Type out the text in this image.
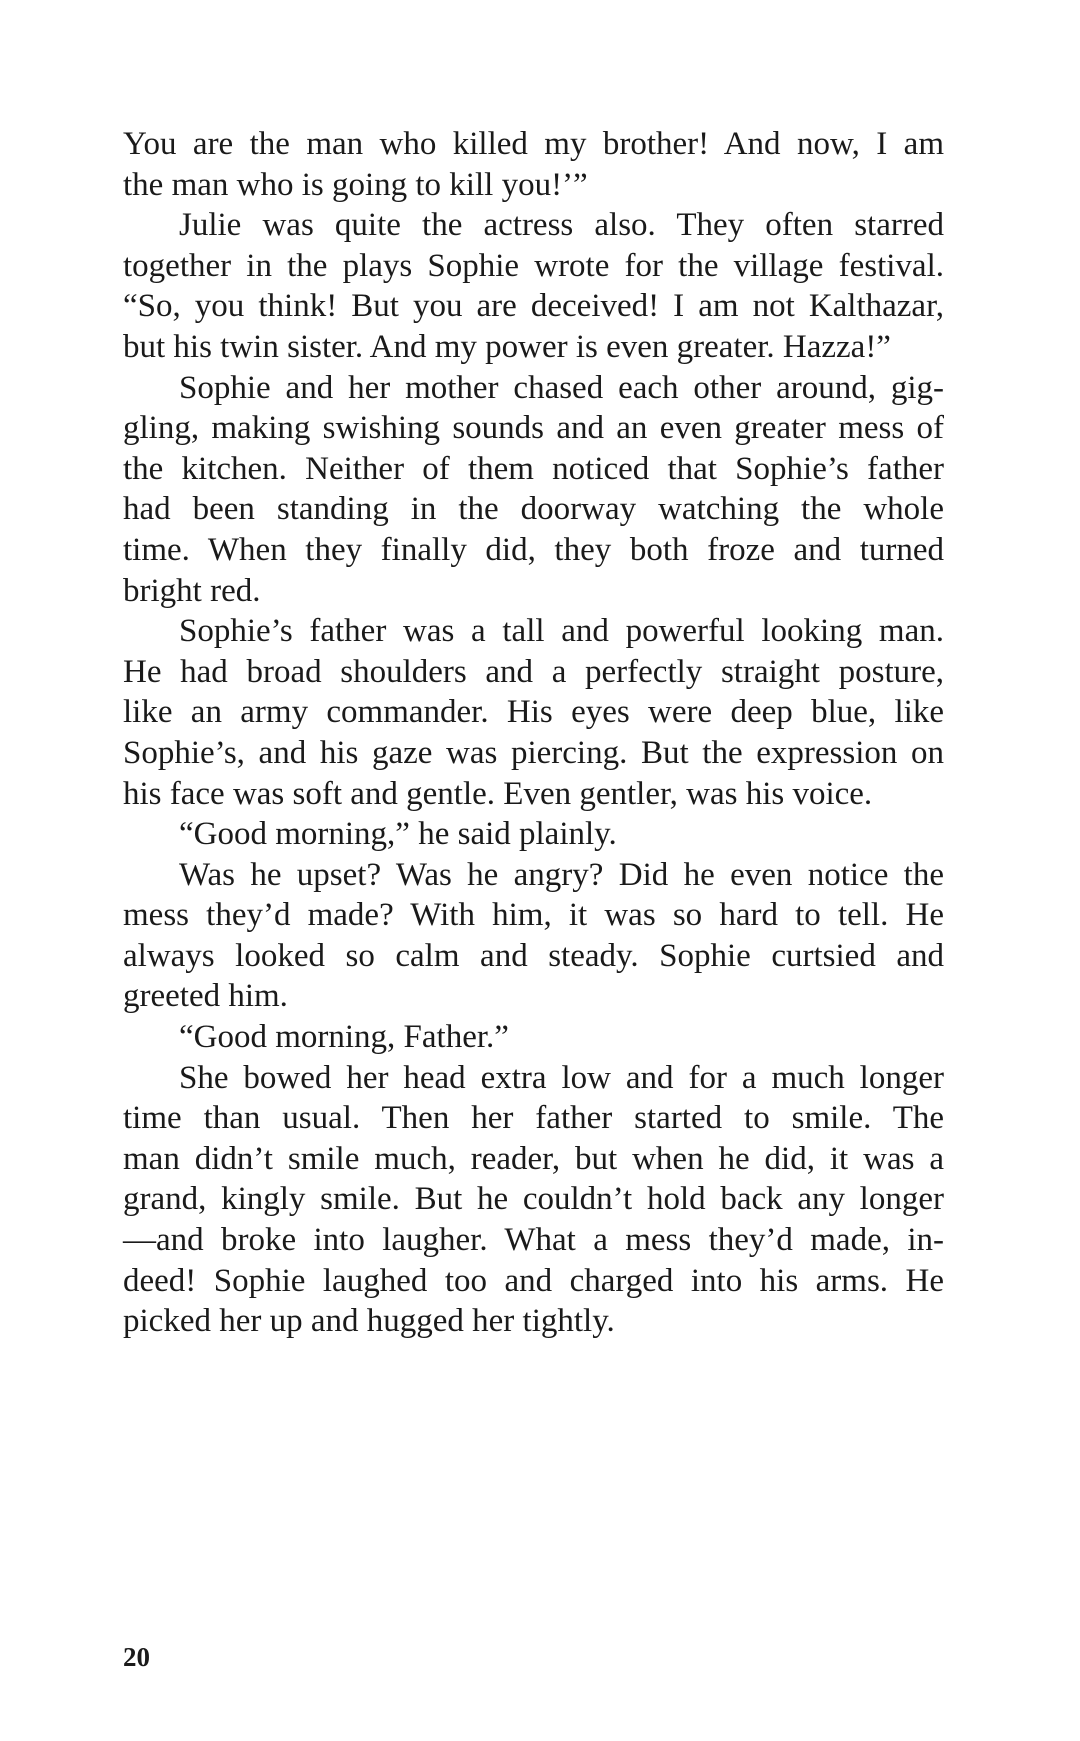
You are the man who killed my brother! And now, I am
the man who is going to kill you!’”
Julie was quite the actress also. They often starred
together in the plays Sophie wrote for the village festival.
“So, you think! But you are deceived! I am not Kalthazar,
but his twin sister. And my power is even greater. Hazza!”
Sophie and her mother chased each other around, gig-
gling, making swishing sounds and an even greater mess of
the kitchen. Neither of them noticed that Sophie’s father
had been standing in the doorway watching the whole
time. When they finally did, they both froze and turned
bright red.
Sophie’s father was a tall and powerful looking man.
He had broad shoulders and a perfectly straight posture,
like an army commander. His eyes were deep blue, like
Sophie’s, and his gaze was piercing. But the expression on
his face was soft and gentle. Even gentler, was his voice.
“Good morning,” he said plainly.
Was he upset? Was he angry? Did he even notice the
mess they’d made? With him, it was so hard to tell. He
always looked so calm and steady. Sophie curtsied and
greeted him.
“Good morning, Father.”
She bowed her head extra low and for a much longer
time than usual. Then her father started to smile. The
man didn’t smile much, reader, but when he did, it was a
grand, kingly smile. But he couldn’t hold back any longer
—and broke into laugher. What a mess they’d made, in-
deed! Sophie laughed too and charged into his arms. He
picked her up and hugged her tightly.
20
